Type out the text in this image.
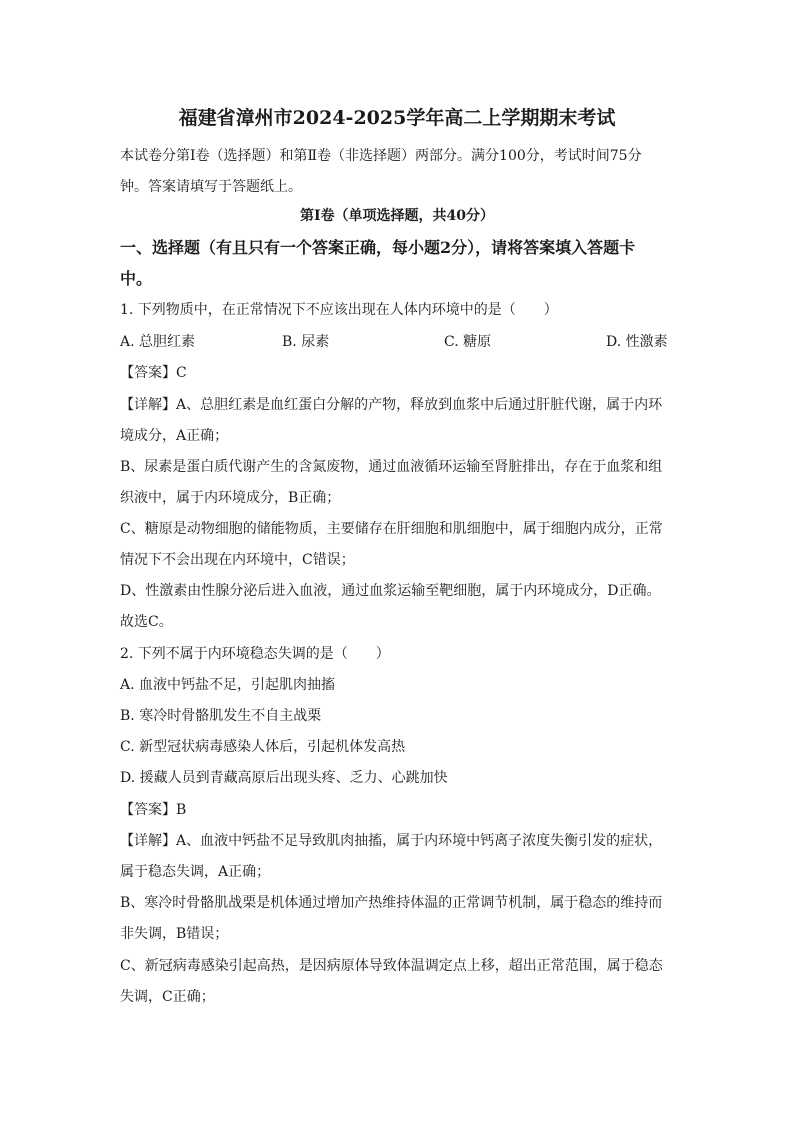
福建省漳州市2024-2025学年高二上学期期末考试
本试卷分第Ⅰ卷（选择题）和第Ⅱ卷（非选择题）两部分。满分100分，考试时间75分
钟。答案请填写于答题纸上。
第Ⅰ卷（单项选择题，共40分）
一、选择题（有且只有一个答案正确，每小题2分），请将答案填入答题卡
中。
1. 下列物质中，在正常情况下不应该出现在人体内环境中的是（　　）
A. 总胆红素	B. 尿素	C. 糖原	D. 性激素
【答案】C
【详解】A、总胆红素是血红蛋白分解的产物，释放到血浆中后通过肝脏代谢，属于内环
境成分，A正确；
B、尿素是蛋白质代谢产生的含氮废物，通过血液循环运输至肾脏排出，存在于血浆和组
织液中，属于内环境成分，B正确；
C、糖原是动物细胞的储能物质，主要储存在肝细胞和肌细胞中，属于细胞内成分，正常
情况下不会出现在内环境中，C错误；
D、性激素由性腺分泌后进入血液，通过血浆运输至靶细胞，属于内环境成分，D正确。
故选C。
2. 下列不属于内环境稳态失调的是（　　）
A. 血液中钙盐不足，引起肌肉抽搐
B. 寒冷时骨骼肌发生不自主战栗
C. 新型冠状病毒感染人体后，引起机体发高热
D. 援藏人员到青藏高原后出现头疼、乏力、心跳加快
【答案】B
【详解】A、血液中钙盐不足导致肌肉抽搐，属于内环境中钙离子浓度失衡引发的症状，
属于稳态失调，A正确；
B、寒冷时骨骼肌战栗是机体通过增加产热维持体温的正常调节机制，属于稳态的维持而
非失调，B错误；
C、新冠病毒感染引起高热，是因病原体导致体温调定点上移，超出正常范围，属于稳态
失调，C正确；
